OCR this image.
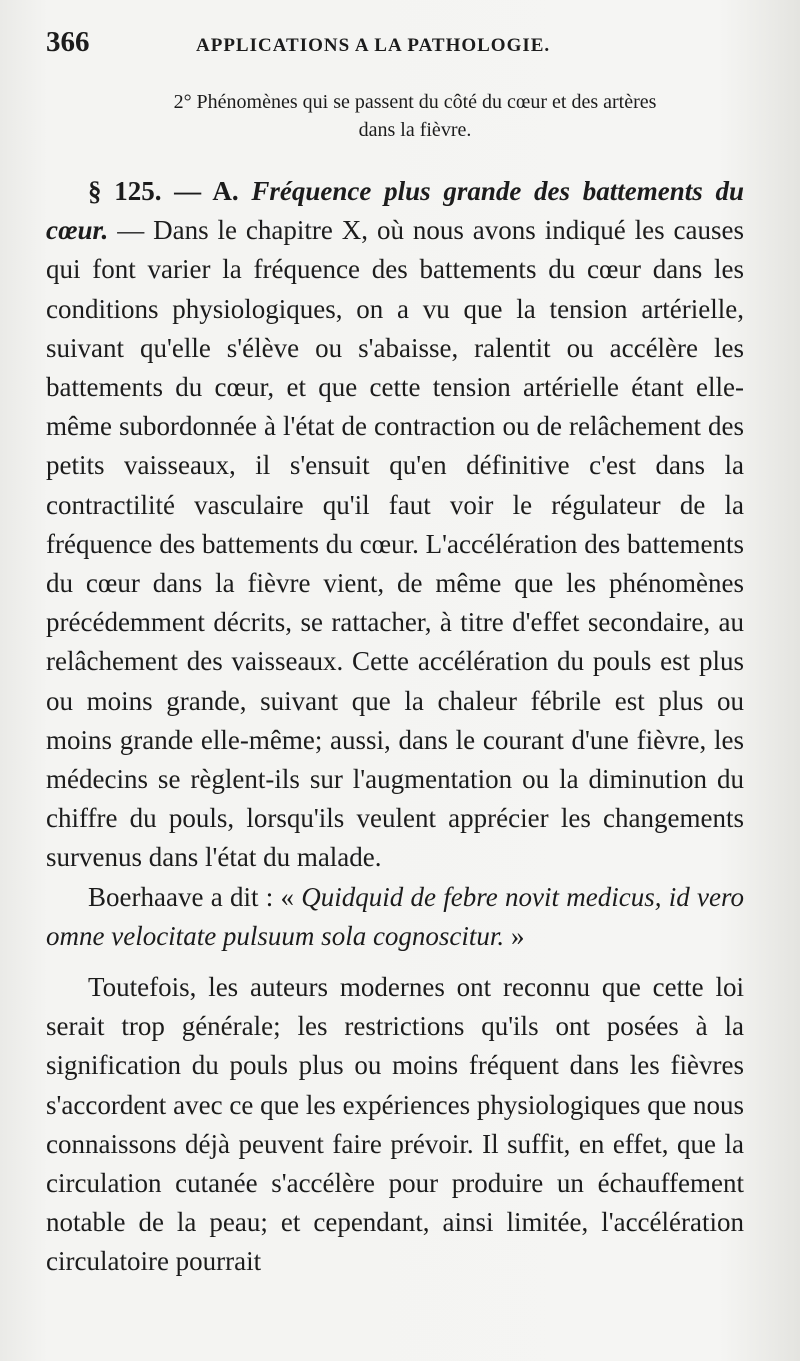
366	APPLICATIONS A LA PATHOLOGIE.
2° Phénomènes qui se passent du côté du cœur et des artères
dans la fièvre.

§ 125. — A. Fréquence plus grande des battements du cœur. — Dans le chapitre X, où nous avons indiqué les causes qui font varier la fréquence des battements du cœur dans les conditions physiologiques, on a vu que la tension artérielle, suivant qu'elle s'élève ou s'abaisse, ralentit ou accélère les battements du cœur, et que cette tension artérielle étant elle-même subordonnée à l'état de contraction ou de relâchement des petits vaisseaux, il s'ensuit qu'en définitive c'est dans la contractilité vasculaire qu'il faut voir le régulateur de la fréquence des battements du cœur. L'accélération des battements du cœur dans la fièvre vient, de même que les phénomènes précédemment décrits, se rattacher, à titre d'effet secondaire, au relâchement des vaisseaux. Cette accélération du pouls est plus ou moins grande, suivant que la chaleur fébrile est plus ou moins grande elle-même; aussi, dans le courant d'une fièvre, les médecins se règlent-ils sur l'augmentation ou la diminution du chiffre du pouls, lorsqu'ils veulent apprécier les changements survenus dans l'état du malade.

Boerhaave a dit : « Quidquid de febre novit medicus, id vero omne velocitate pulsuum sola cognoscitur. »

Toutefois, les auteurs modernes ont reconnu que cette loi serait trop générale; les restrictions qu'ils ont posées à la signification du pouls plus ou moins fréquent dans les fièvres s'accordent avec ce que les expériences physiologiques que nous connaissons déjà peuvent faire prévoir. Il suffit, en effet, que la circulation cutanée s'accélère pour produire un échauffement notable de la peau; et cependant, ainsi limitée, l'accélération circulatoire pourrait
